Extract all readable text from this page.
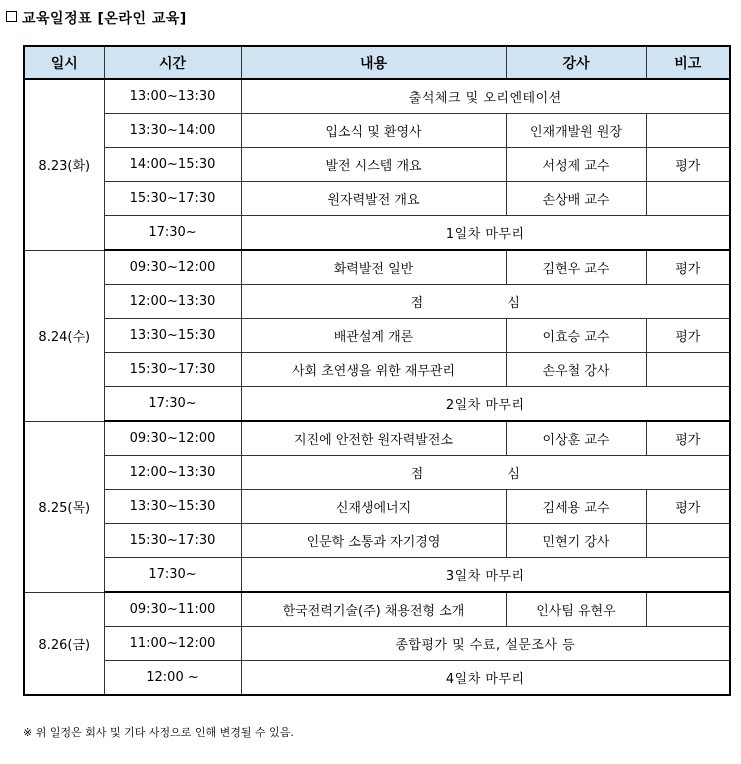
교육일정표 [온라인 교육]
일시	시간	내용	강사	비고
8.23(화)	13:00~13:30	출석체크 및 오리엔테이션		
	13:30~14:00	입소식 및 환영사	인재개발원 원장	
	14:00~15:30	발전 시스템 개요	서성제 교수	평가
	15:30~17:30	원자력발전 개요	손상배 교수	
	17:30~	1일차 마무리		
8.24(수)	09:30~12:00	화력발전 일반	김현우 교수	평가
	12:00~13:30	점 심		
	13:30~15:30	배관설계 개론	이효승 교수	평가
	15:30~17:30	사회 초연생을 위한 재무관리	손우철 강사	
	17:30~	2일차 마무리		
8.25(목)	09:30~12:00	지진에 안전한 원자력발전소	이상훈 교수	평가
	12:00~13:30	점 심		
	13:30~15:30	신재생에너지	김세용 교수	평가
	15:30~17:30	인문학 소통과 자기경영	민현기 강사	
	17:30~	3일차 마무리		
8.26(금)	09:30~11:00	한국전력기술(주) 채용전형 소개	인사팀 유현우	
	11:00~12:00	종합평가 및 수료, 설문조사 등		
	12:00 ~	4일차 마무리		
※ 위 일정은 회사 및 기타 사정으로 인해 변경될 수 있음.
